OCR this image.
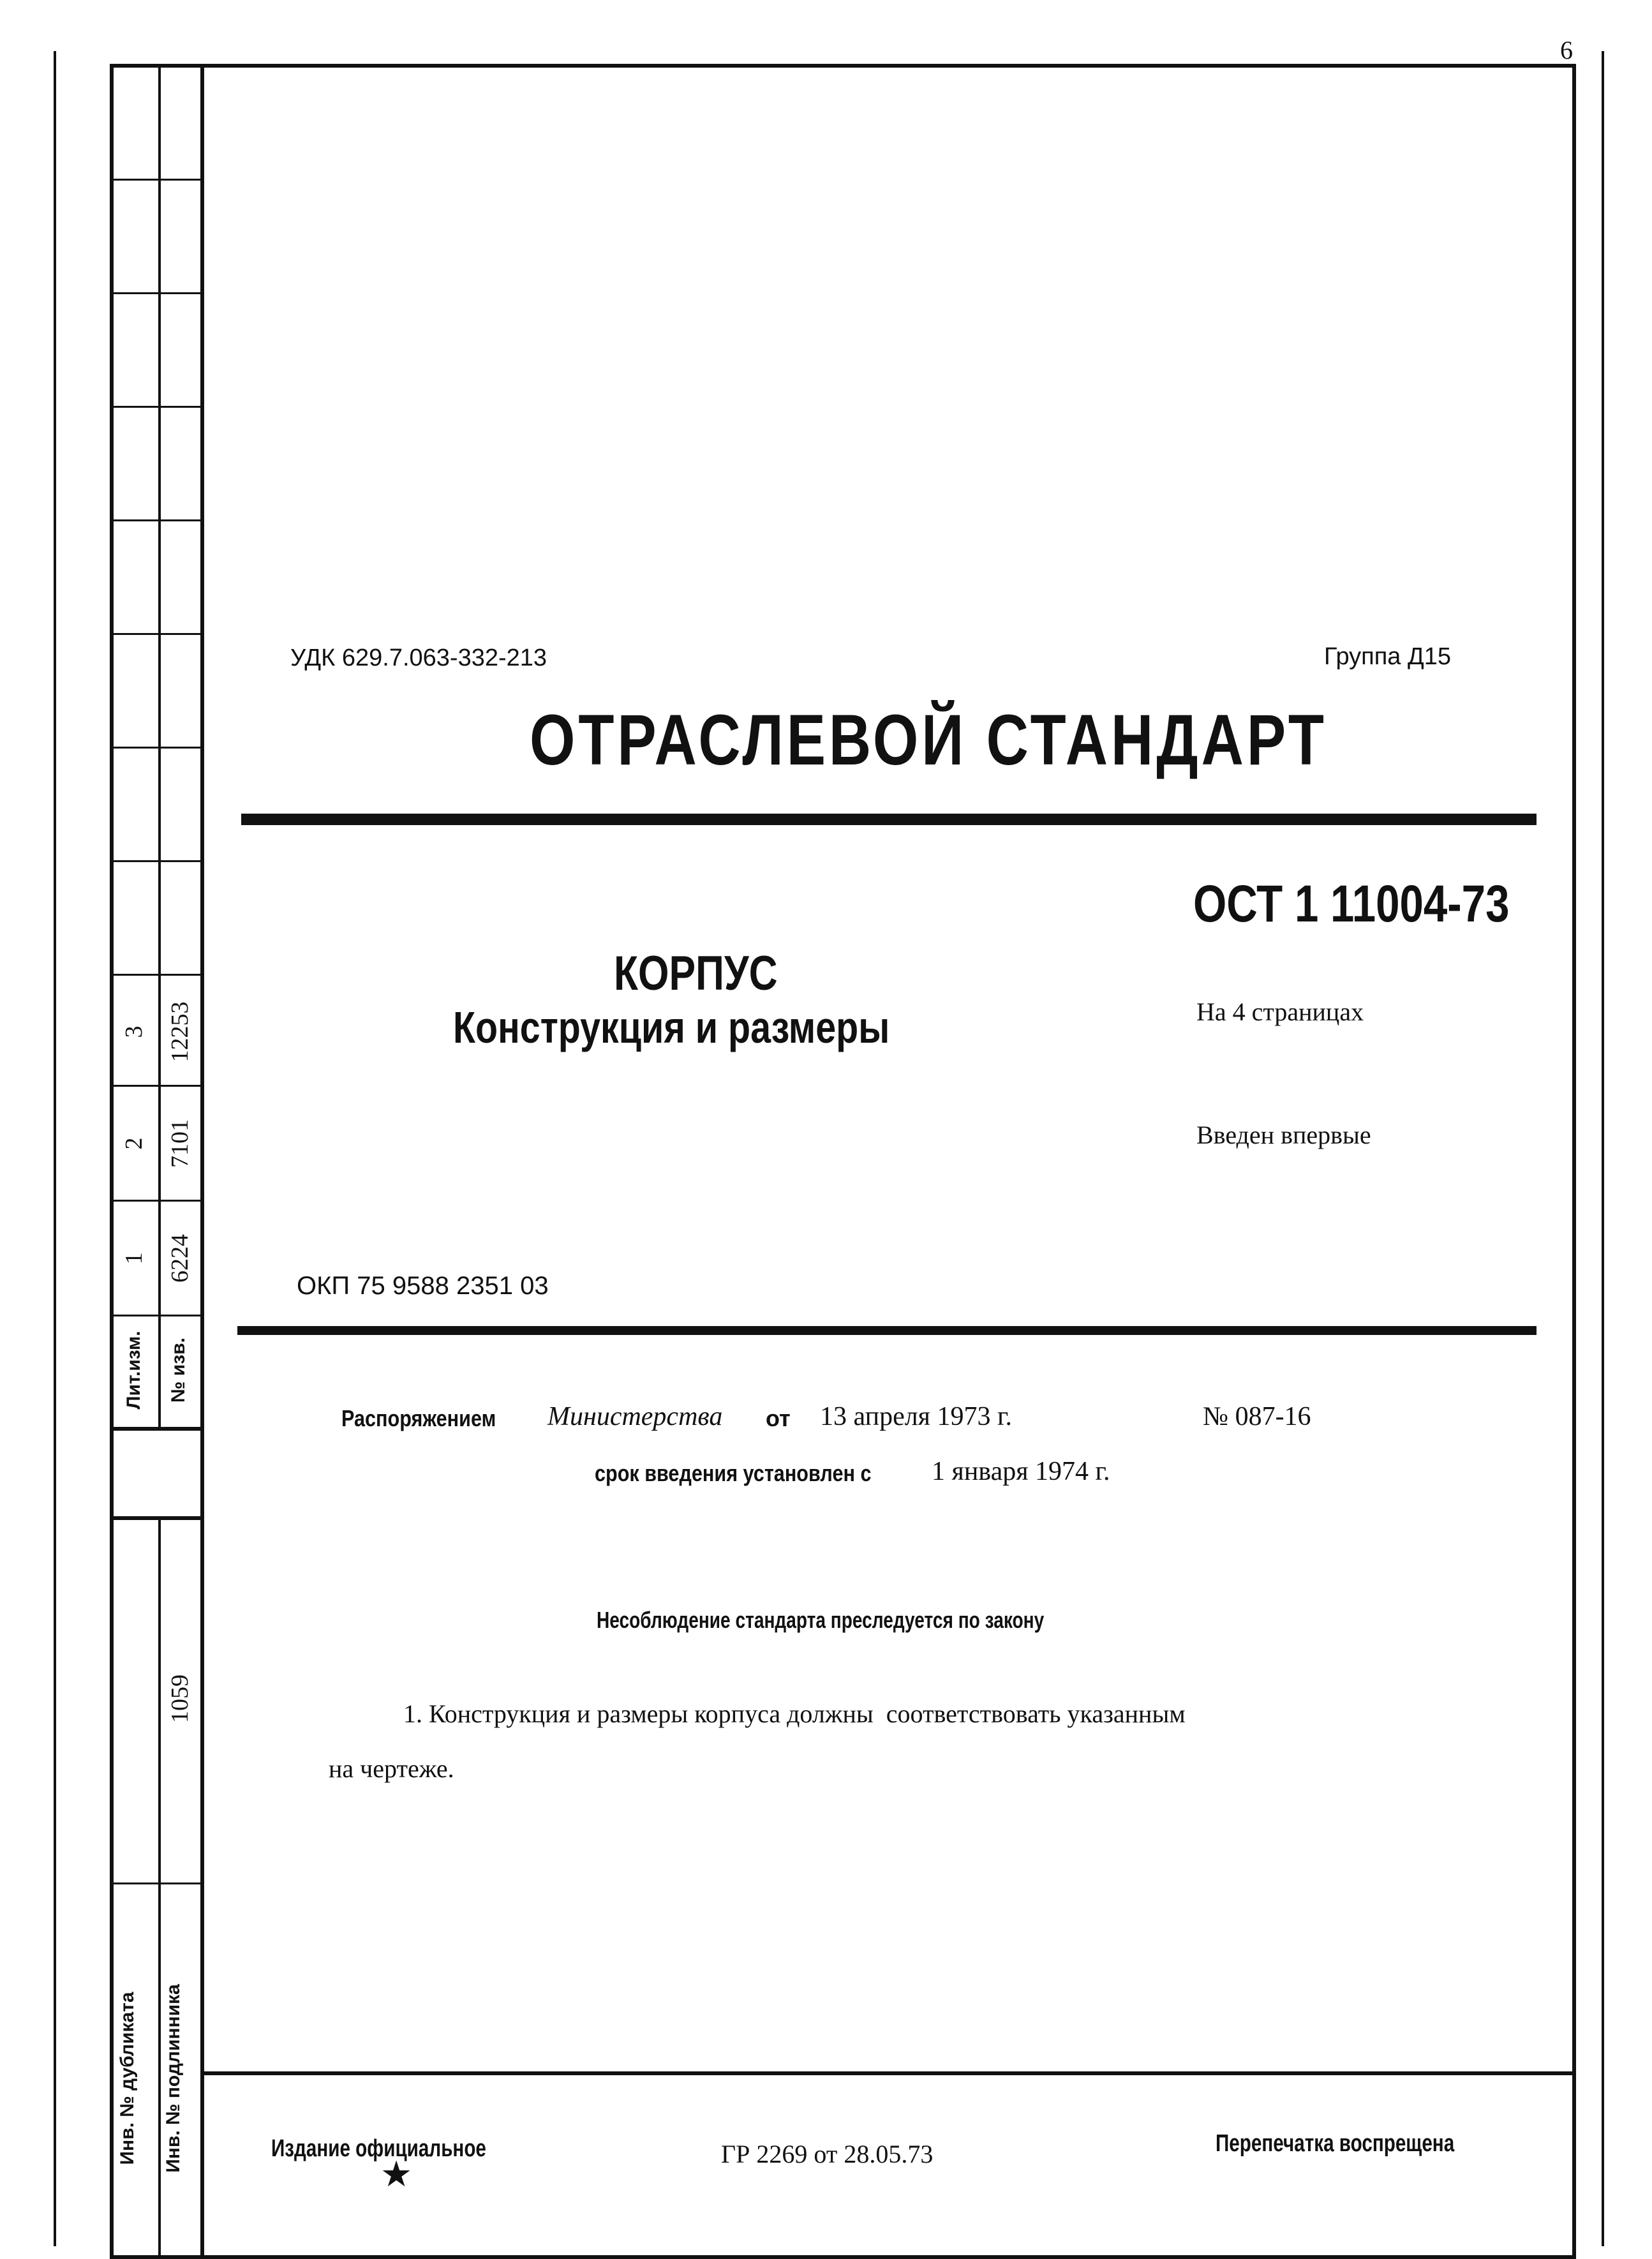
6
Лит.изм. № изв.
1 6224
2 7101
3 12253
1059
Инв. № дубликата Инв. № подлинника
УДК 629.7.063-332-213	Группа Д15
ОТРАСЛЕВОЙ СТАНДАРТ
ОСТ 1 11004-73
КОРПУС
Конструкция и размеры	На 4 страницах
Введен впервые
ОКП 75 9588 2351 03
Распоряжением Министерства от 13 апреля 1973 г.	№ 087-16
срок введения установлен с 1 января 1974 г.
Несоблюдение стандарта преследуется по закону
1. Конструкция и размеры корпуса должны  соответствовать указанным
на чертеже.
Издание официальное
★	ГР 2269 от 28.05.73	Перепечатка воспрещена
